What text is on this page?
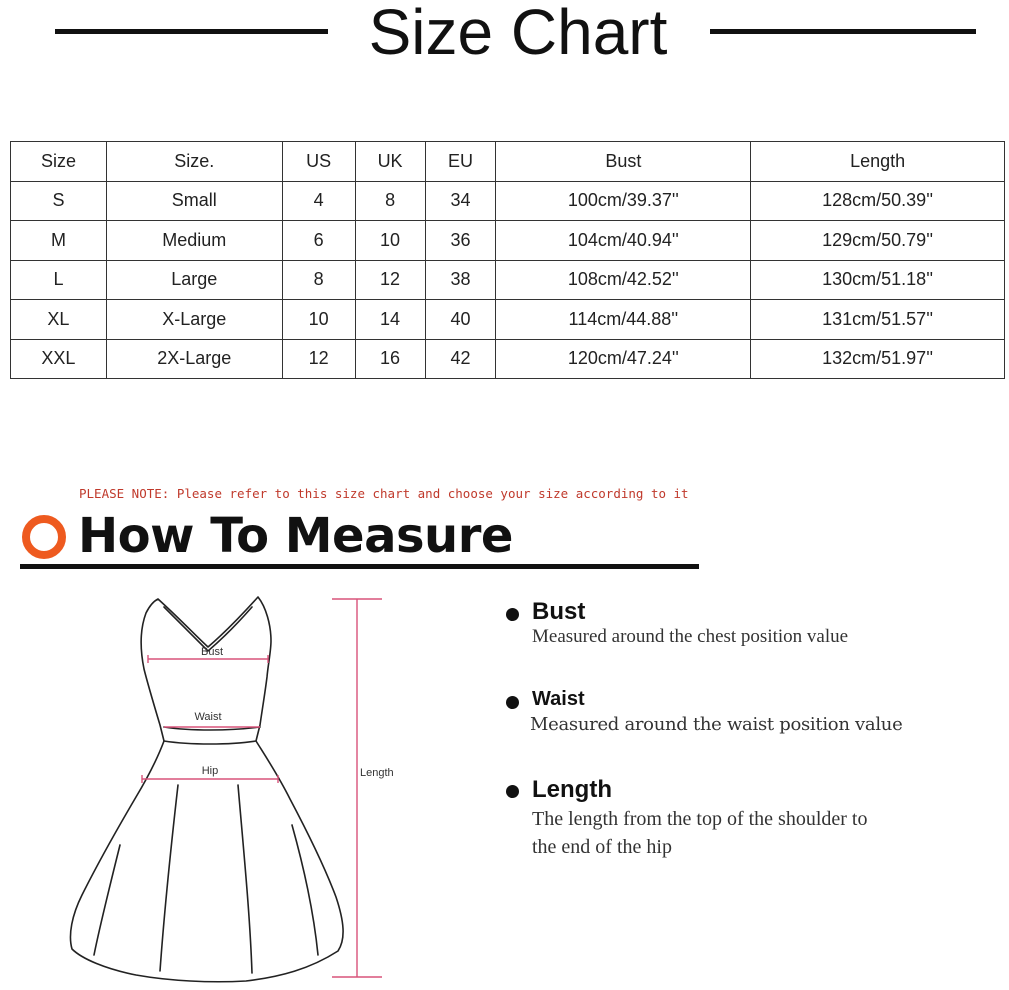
Size Chart
Size	Size.	US	UK	EU	Bust	Length
S	Small	4	8	34	100cm/39.37''	128cm/50.39''
M	Medium	6	10	36	104cm/40.94''	129cm/50.79''
L	Large	8	12	38	108cm/42.52''	130cm/51.18''
XL	X-Large	10	14	40	114cm/44.88''	131cm/51.57''
XXL	2X-Large	12	16	42	120cm/47.24''	132cm/51.97''
PLEASE NOTE: Please refer to this size chart and choose your size according to it
How To Measure
Bust
Waist
Hip	Length
Bust
Measured around the chest position value
Waist
Measured around the waist position value
Length
The length from the top of the shoulder to
the end of the hip
